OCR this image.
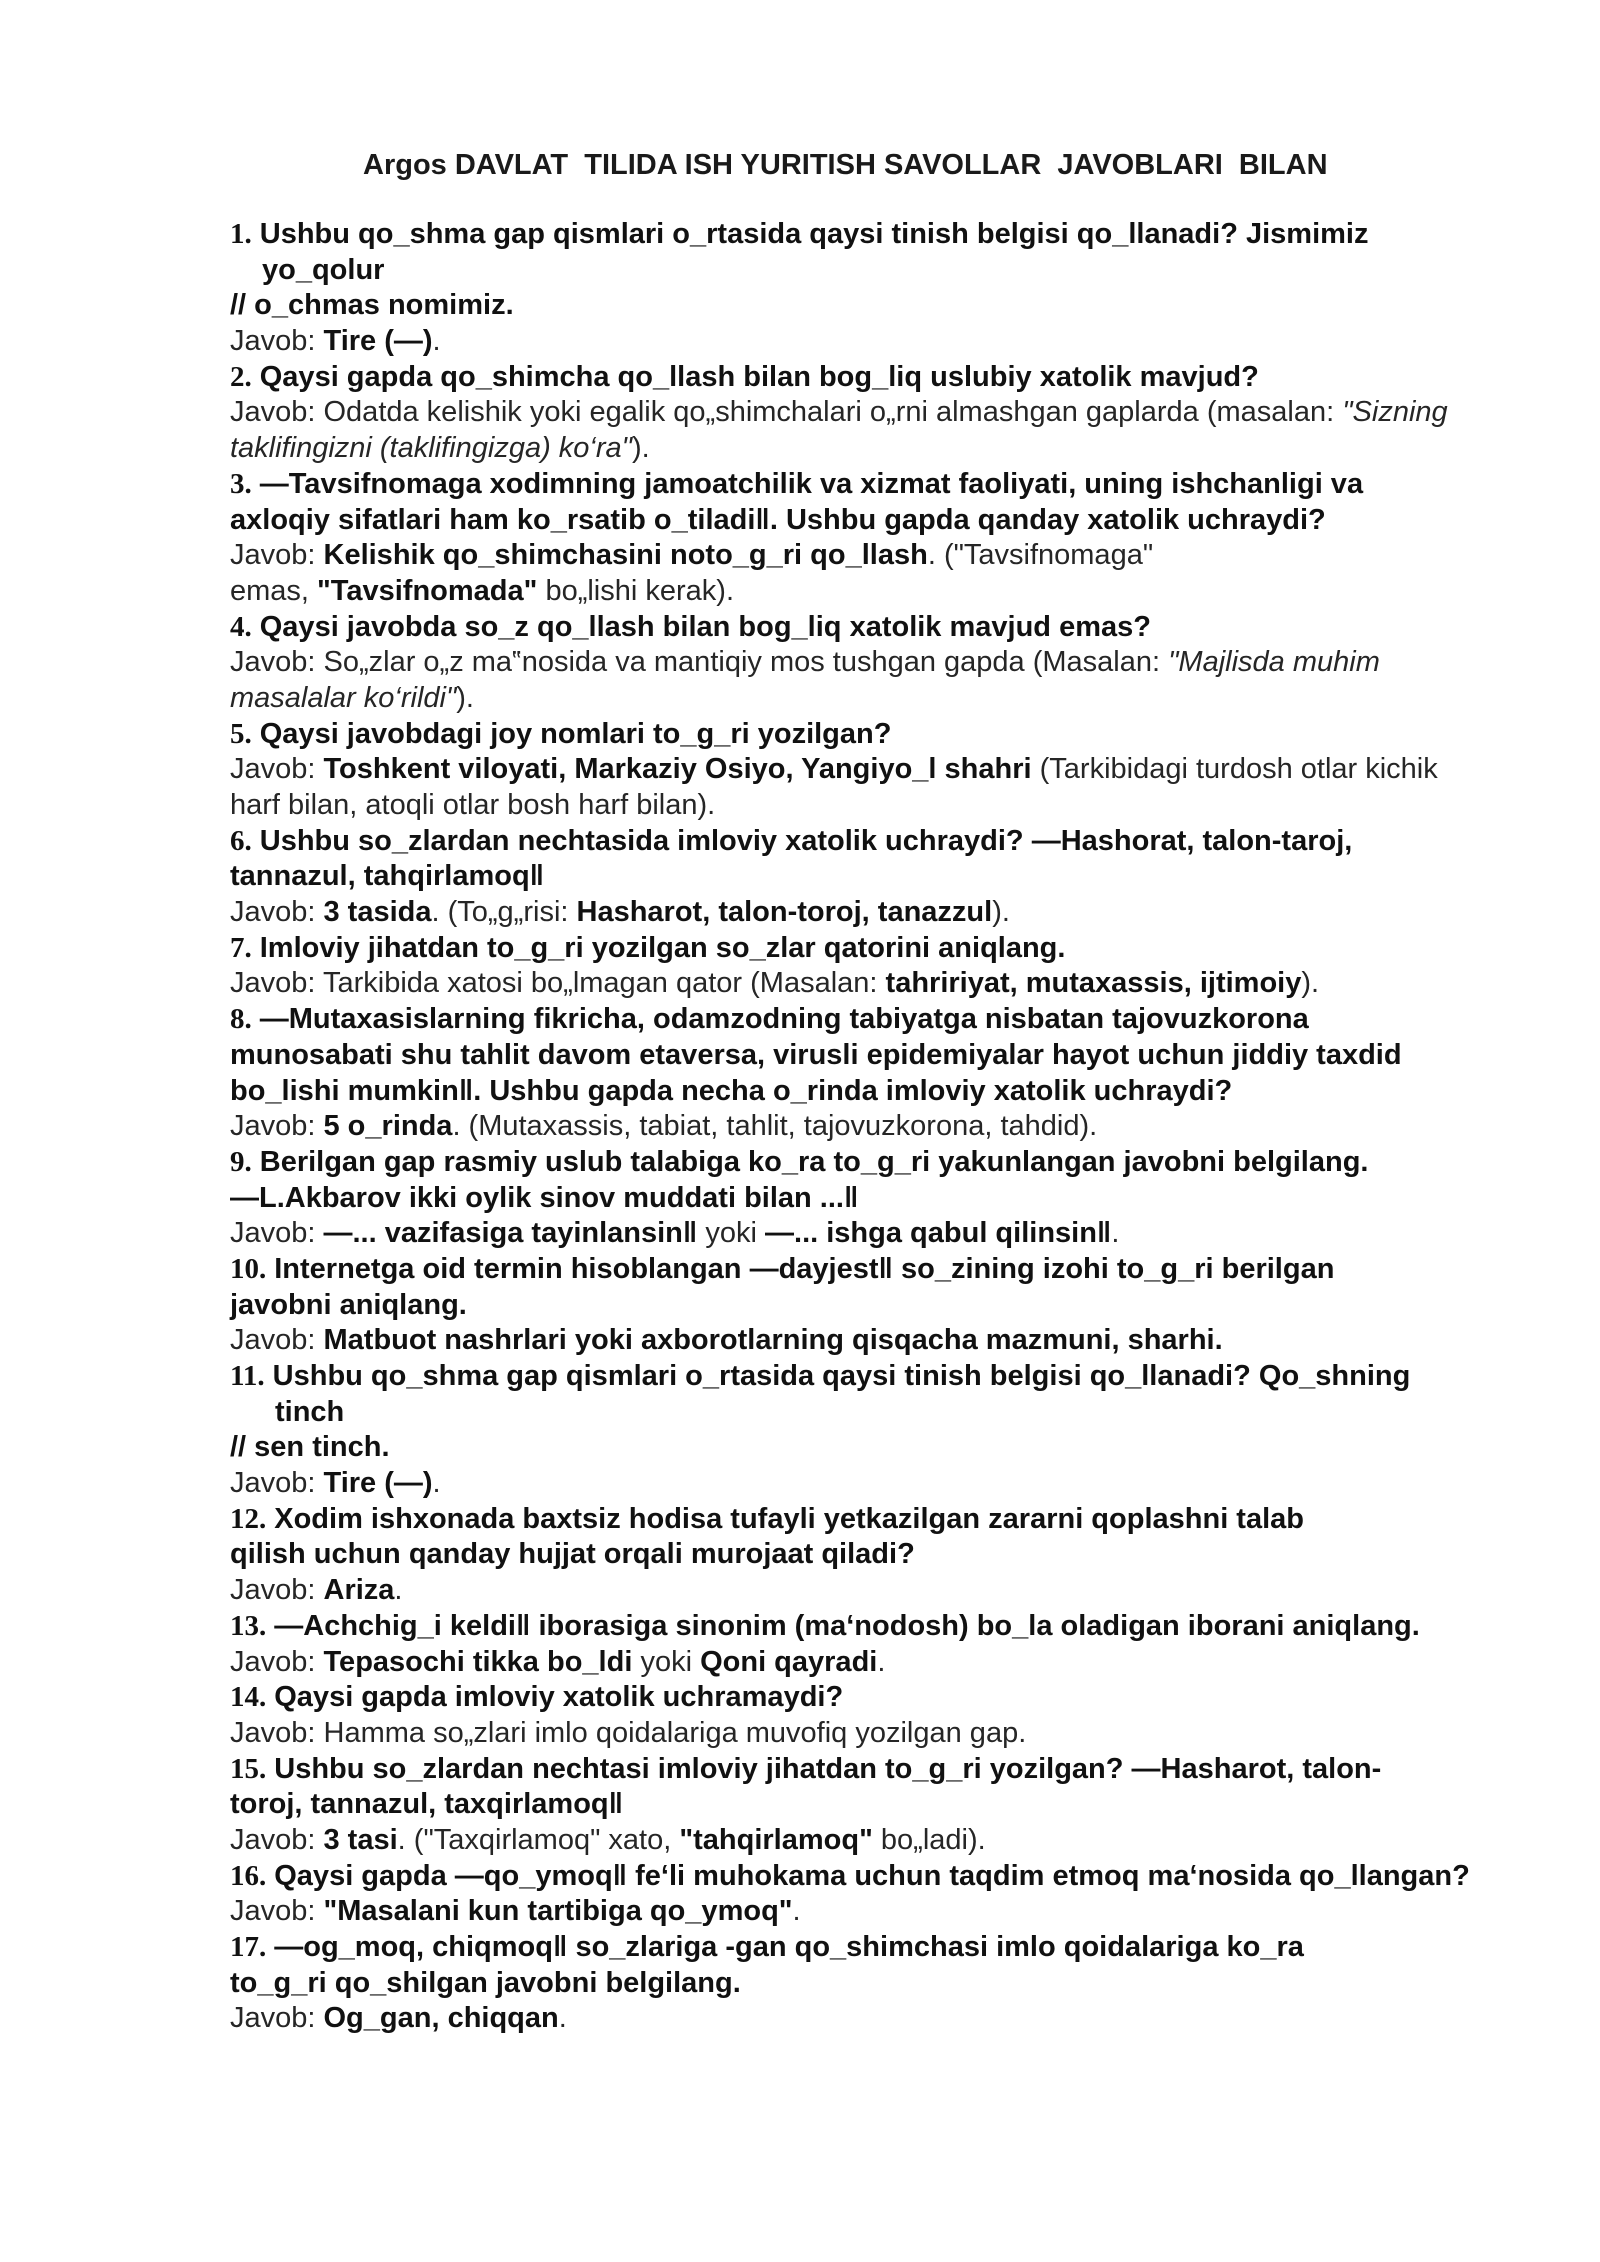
Argos DAVLAT  TILIDA ISH YURITISH SAVOLLAR  JAVOBLARI  BILAN
1. Ushbu qo_shma gap qismlari o_rtasida qaysi tinish belgisi qo_llanadi? Jismimiz
yo_qolur
// o_chmas nomimiz.
Javob: Tire (—).
2. Qaysi gapda qo_shimcha qo_llash bilan bog_liq uslubiy xatolik mavjud?
Javob: Odatda kelishik yoki egalik qo„shimchalari o„rni almashgan gaplarda (masalan: "Sizning
taklifingizni (taklifingizga) ko‘ra").
3. —Tavsifnomaga xodimning jamoatchilik va xizmat faoliyati, uning ishchanligi va
axloqiy sifatlari ham ko_rsatib o_tiladi‖. Ushbu gapda qanday xatolik uchraydi?
Javob: Kelishik qo_shimchasini noto_g_ri qo_llash. ("Tavsifnomaga"
emas, "Tavsifnomada" bo„lishi kerak).
4. Qaysi javobda so_z qo_llash bilan bog_liq xatolik mavjud emas?
Javob: So„zlar o„z ma‟nosida va mantiqiy mos tushgan gapda (Masalan: "Majlisda muhim
masalalar ko‘rildi").
5. Qaysi javobdagi joy nomlari to_g_ri yozilgan?
Javob: Toshkent viloyati, Markaziy Osiyo, Yangiyo_l shahri (Tarkibidagi turdosh otlar kichik
harf bilan, atoqli otlar bosh harf bilan).
6. Ushbu so_zlardan nechtasida imloviy xatolik uchraydi? —Hashorat, talon-taroj,
tannazul, tahqirlamoq‖
Javob: 3 tasida. (To„g„risi: Hasharot, talon-toroj, tanazzul).
7. Imloviy jihatdan to_g_ri yozilgan so_zlar qatorini aniqlang.
Javob: Tarkibida xatosi bo„lmagan qator (Masalan: tahririyat, mutaxassis, ijtimoiy).
8. —Mutaxasislarning fikricha, odamzodning tabiyatga nisbatan tajovuzkorona
munosabati shu tahlit davom etaversa, virusli epidemiyalar hayot uchun jiddiy taxdid
bo_lishi mumkin‖. Ushbu gapda necha o_rinda imloviy xatolik uchraydi?
Javob: 5 o_rinda. (Mutaxassis, tabiat, tahlit, tajovuzkorona, tahdid).
9. Berilgan gap rasmiy uslub talabiga ko_ra to_g_ri yakunlangan javobni belgilang.
—L.Akbarov ikki oylik sinov muddati bilan ...‖
Javob: —... vazifasiga tayinlansin‖ yoki —... ishga qabul qilinsin‖.
10. Internetga oid termin hisoblangan —dayjest‖ so_zining izohi to_g_ri berilgan
javobni aniqlang.
Javob: Matbuot nashrlari yoki axborotlarning qisqacha mazmuni, sharhi.
11. Ushbu qo_shma gap qismlari o_rtasida qaysi tinish belgisi qo_llanadi? Qo_shning
tinch
// sen tinch.
Javob: Tire (—).
12. Xodim ishxonada baxtsiz hodisa tufayli yetkazilgan zararni qoplashni talab
qilish uchun qanday hujjat orqali murojaat qiladi?
Javob: Ariza.
13. —Achchig_i keldi‖ iborasiga sinonim (ma‘nodosh) bo_la oladigan iborani aniqlang.
Javob: Tepasochi tikka bo_ldi yoki Qoni qayradi.
14. Qaysi gapda imloviy xatolik uchramaydi?
Javob: Hamma so„zlari imlo qoidalariga muvofiq yozilgan gap.
15. Ushbu so_zlardan nechtasi imloviy jihatdan to_g_ri yozilgan? —Hasharot, talon-
toroj, tannazul, taxqirlamoq‖
Javob: 3 tasi. ("Taxqirlamoq" xato, "tahqirlamoq" bo„ladi).
16. Qaysi gapda —qo_ymoq‖ fe‘li muhokama uchun taqdim etmoq ma‘nosida qo_llangan?
Javob: "Masalani kun tartibiga qo_ymoq".
17. —og_moq, chiqmoq‖ so_zlariga -gan qo_shimchasi imlo qoidalariga ko_ra
to_g_ri qo_shilgan javobni belgilang.
Javob: Og_gan, chiqqan.
